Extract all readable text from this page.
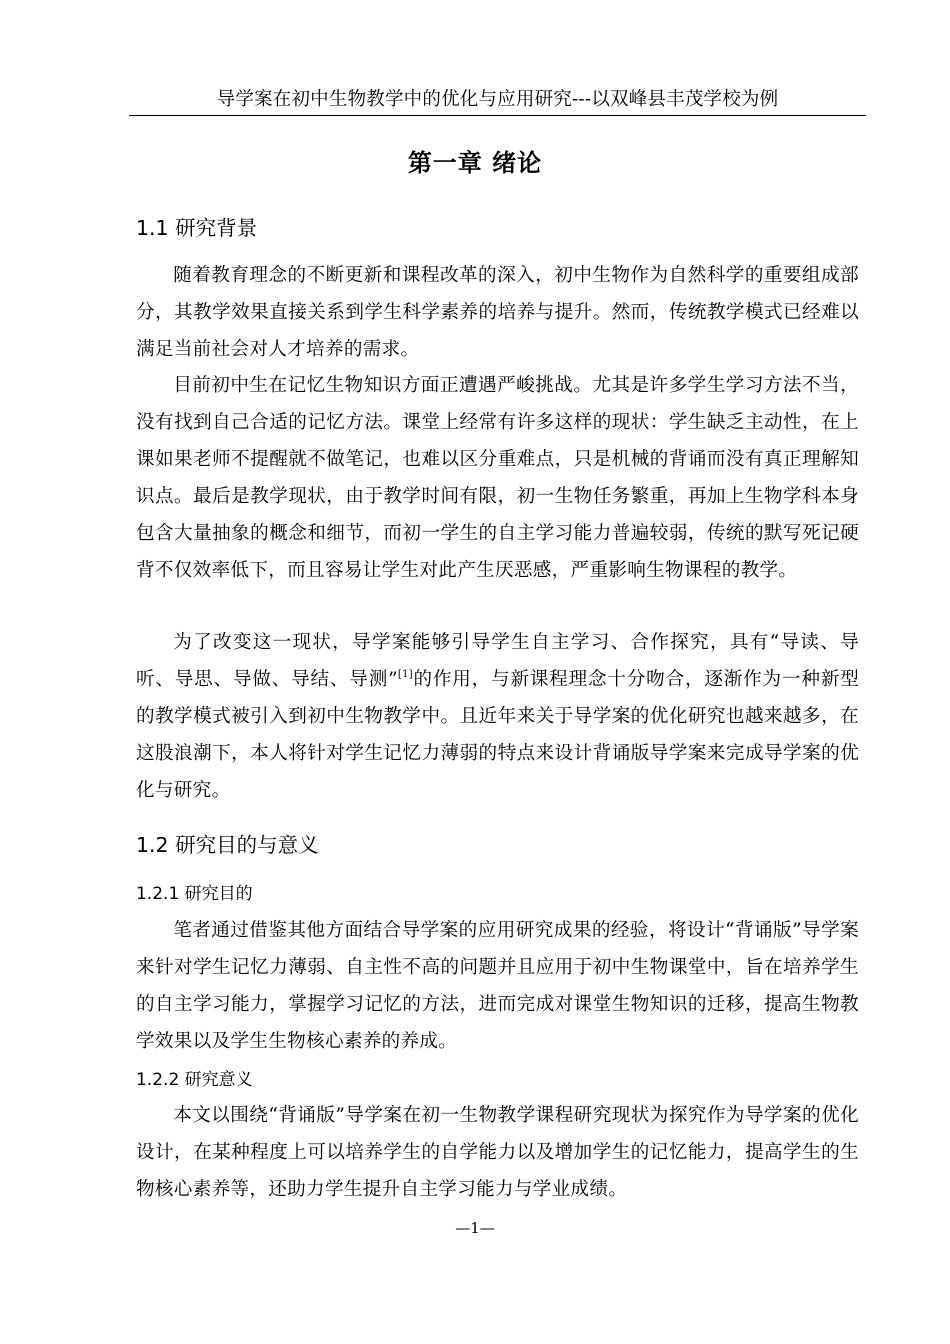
导学案在初中生物教学中的优化与应用研究---以双峰县丰茂学校为例
第一章 绪论
1.1 研究背景

随着教育理念的不断更新和课程改革的深入，初中生物作为自然科学的重要组成部分，其教学效果直接关系到学生科学素养的培养与提升。然而，传统教学模式已经难以满足当前社会对人才培养的需求。

目前初中生在记忆生物知识方面正遭遇严峻挑战。尤其是许多学生学习方法不当，没有找到自己合适的记忆方法。课堂上经常有许多这样的现状：学生缺乏主动性，在上课如果老师不提醒就不做笔记，也难以区分重难点，只是机械的背诵而没有真正理解知识点。最后是教学现状，由于教学时间有限，初一生物任务繁重，再加上生物学科本身包含大量抽象的概念和细节，而初一学生的自主学习能力普遍较弱，传统的默写死记硬背不仅效率低下，而且容易让学生对此产生厌恶感，严重影响生物课程的教学。

为了改变这一现状，导学案能够引导学生自主学习、合作探究，具有“导读、导听、导思、导做、导结、导测”[1]的作用，与新课程理念十分吻合，逐渐作为一种新型的教学模式被引入到初中生物教学中。且近年来关于导学案的优化研究也越来越多，在这股浪潮下，本人将针对学生记忆力薄弱的特点来设计背诵版导学案来完成导学案的优化与研究。

1.2 研究目的与意义
1.2.1 研究目的

笔者通过借鉴其他方面结合导学案的应用研究成果的经验，将设计“背诵版”导学案来针对学生记忆力薄弱、自主性不高的问题并且应用于初中生物课堂中，旨在培养学生的自主学习能力，掌握学习记忆的方法，进而完成对课堂生物知识的迁移，提高生物教学效果以及学生生物核心素养的养成。

1.2.2 研究意义

本文以围绕“背诵版”导学案在初一生物教学课程研究现状为探究作为导学案的优化设计，在某种程度上可以培养学生的自学能力以及增加学生的记忆能力，提高学生的生物核心素养等，还助力学生提升自主学习能力与学业成绩。

—1—
